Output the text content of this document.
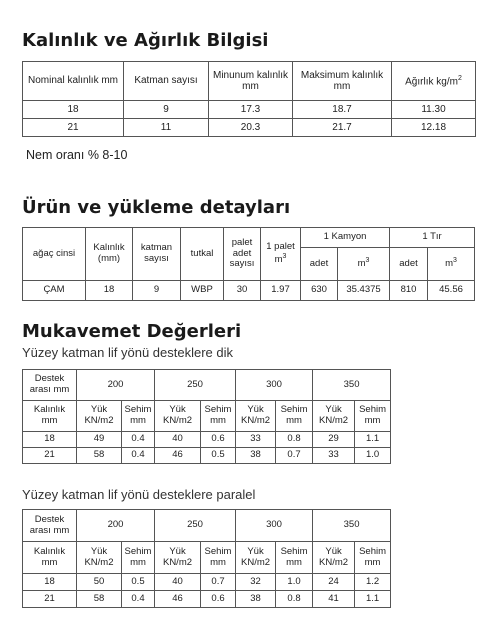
Kalınlık ve Ağırlık Bilgisi
Nominal kalınlık mm	Katman sayısı	Minunum kalınlık mm	Maksimum kalınlık mm	Ağırlık $kg/m^2$
18	9	17.3	18.7	11.30
21	11	20.3	21.7	12.18
Nem oranı % 8-10
Ürün ve yükleme detayları
ağaç cinsi	Kalınlık (mm)	katman sayısı	tutkal	palet adet sayısı	1 palet $m^3$	1 Kamyon		1 Tır	
						adet	$m^3$	adet	$m^3$
ÇAM	18	9	WBP	30	1.97	630	35.4375	810	45.56
Mukavemet Değerleri
Yüzey katman lif yönü desteklere dik
Destek arası mm	200		250		300		350	
Kalınlık mm	Yük KN/m2	Sehim mm	Yük KN/m2	Sehim mm	Yük KN/m2	Sehim mm	Yük KN/m2	Sehim mm
18	49	0.4	40	0.6	33	0.8	29	1.1
21	58	0.4	46	0.5	38	0.7	33	1.0
Yüzey katman lif yönü desteklere paralel
Destek arası mm	200		250		300		350	
Kalınlık mm	Yük KN/m2	Sehim mm	Yük KN/m2	Sehim mm	Yük KN/m2	Sehim mm	Yük KN/m2	Sehim mm
18	50	0.5	40	0.7	32	1.0	24	1.2
21	58	0.4	46	0.6	38	0.8	41	1.1
